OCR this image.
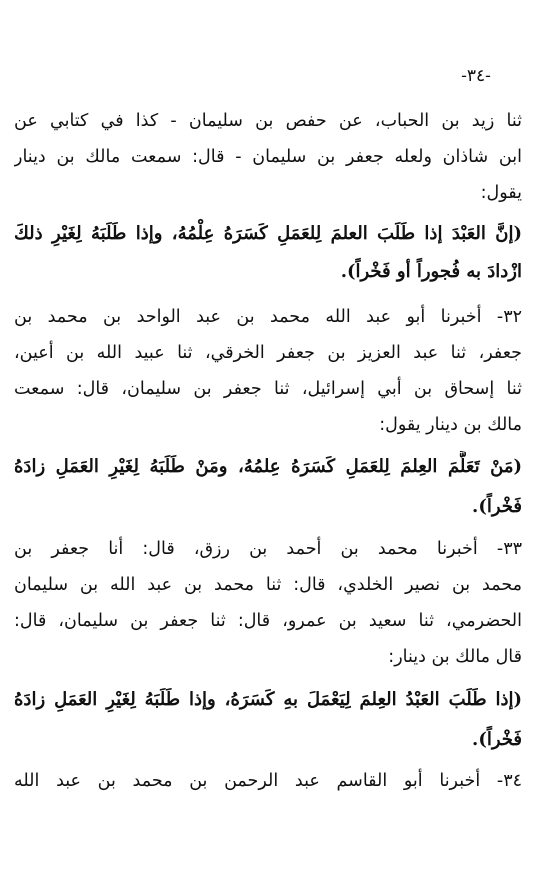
-٣٤-
ثنا زيد بن الحباب، عن حفص بن سليمان - كذا في كتابي عن
ابن شاذان ولعله جعفر بن سليمان - قال: سمعت مالك بن دينار
يقول:
(إنَّ العَبْدَ إذا طَلَبَ العلمَ لِلعَمَلِ كَسَرَهُ عِلْمُهُ، وإذا طَلَبَهُ لِغَيْرِ ذلكَ
ازْدادَ به فُجوراً أو فَخْراً).
٣٢- أخبرنا أبو عبد الله محمد بن عبد الواحد بن محمد بن
جعفر، ثنا عبد العزيز بن جعفر الخرقي، ثنا عبيد الله بن أعين،
ثنا إسحاق بن أبي إسرائيل، ثنا جعفر بن سليمان، قال: سمعت
مالك بن دينار يقول:
(مَنْ تَعَلَّمَ العِلمَ لِلعَمَلِ كَسَرَهُ عِلمُهُ، ومَنْ طَلَبَهُ لِغَيْرِ العَمَلِ زادَهُ
فَخْراً).
٣٣- أخبرنا محمد بن أحمد بن رزق، قال: أنا جعفر بن
محمد بن نصير الخلدي، قال: ثنا محمد بن عبد الله بن سليمان
الحضرمي، ثنا سعيد بن عمرو، قال: ثنا جعفر بن سليمان، قال:
قال مالك بن دينار:
(إذا طَلَبَ العَبْدُ العِلمَ لِيَعْمَلَ بهِ كَسَرَهُ، وإذا طَلَبَهُ لِغَيْرِ العَمَلِ زادَهُ
فَخْراً).
٣٤- أخبرنا أبو القاسم عبد الرحمن بن محمد بن عبد الله
